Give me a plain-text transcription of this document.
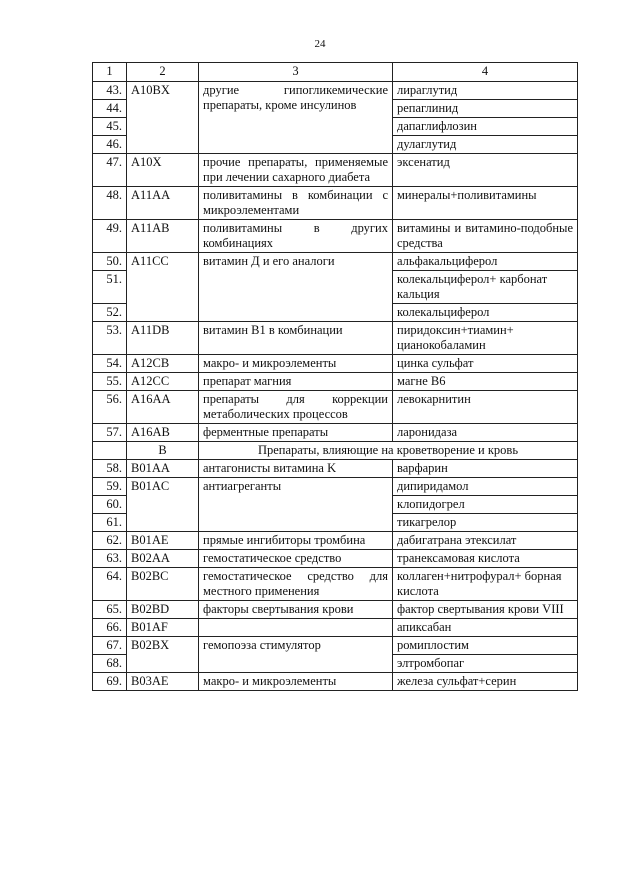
24
1	2	3	4
43.	A10BX	другие гипогликемические препараты, кроме инсулинов	лираглутид
44.			репаглинид
45.			дапаглифлозин
46.			дулаглутид
47.	A10X	прочие препараты, применяемые при лечении сахарного диабета	эксенатид
48.	A11AA	поливитамины в комбинации с микроэлементами	минералы+поливитамины
49.	A11AB	поливитамины в других комбинациях	витамины и витамино-подобные средства
50.	A11CC	витамин Д и его аналоги	альфакальциферол
51.			колекальциферол+ карбонат кальция
52.			колекальциферол
53.	A11DB	витамин B1 в комбинации	пиридоксин+тиамин+ цианокобаламин
54.	A12CB	макро- и микроэлементы	цинка сульфат
55.	A12CC	препарат магния	магне B6
56.	A16AA	препараты для коррекции метаболических процессов	левокарнитин
57.	A16AB	ферментные препараты	ларонидаза
	B	Препараты, влияющие на кроветворение и кровь	
58.	B01AA	антагонисты витамина K	варфарин
59.	B01AC	антиагреганты	дипиридамол
60.			клопидогрел
61.			тикагрелор
62.	B01AE	прямые ингибиторы тромбина	дабигатрана этексилат
63.	B02AA	гемостатическое средство	транексамовая кислота
64.	B02BC	гемостатическое средство для местного применения	коллаген+нитрофурал+ борная кислота
65.	B02BD	факторы свертывания крови	фактор свертывания крови VIII
66.	B01AF		апиксабан
67.	B02BX	гемопоэза стимулятор	ромиплостим
68.			элтромбопаг
69.	B03AE	макро- и микроэлементы	железа сульфат+серин
